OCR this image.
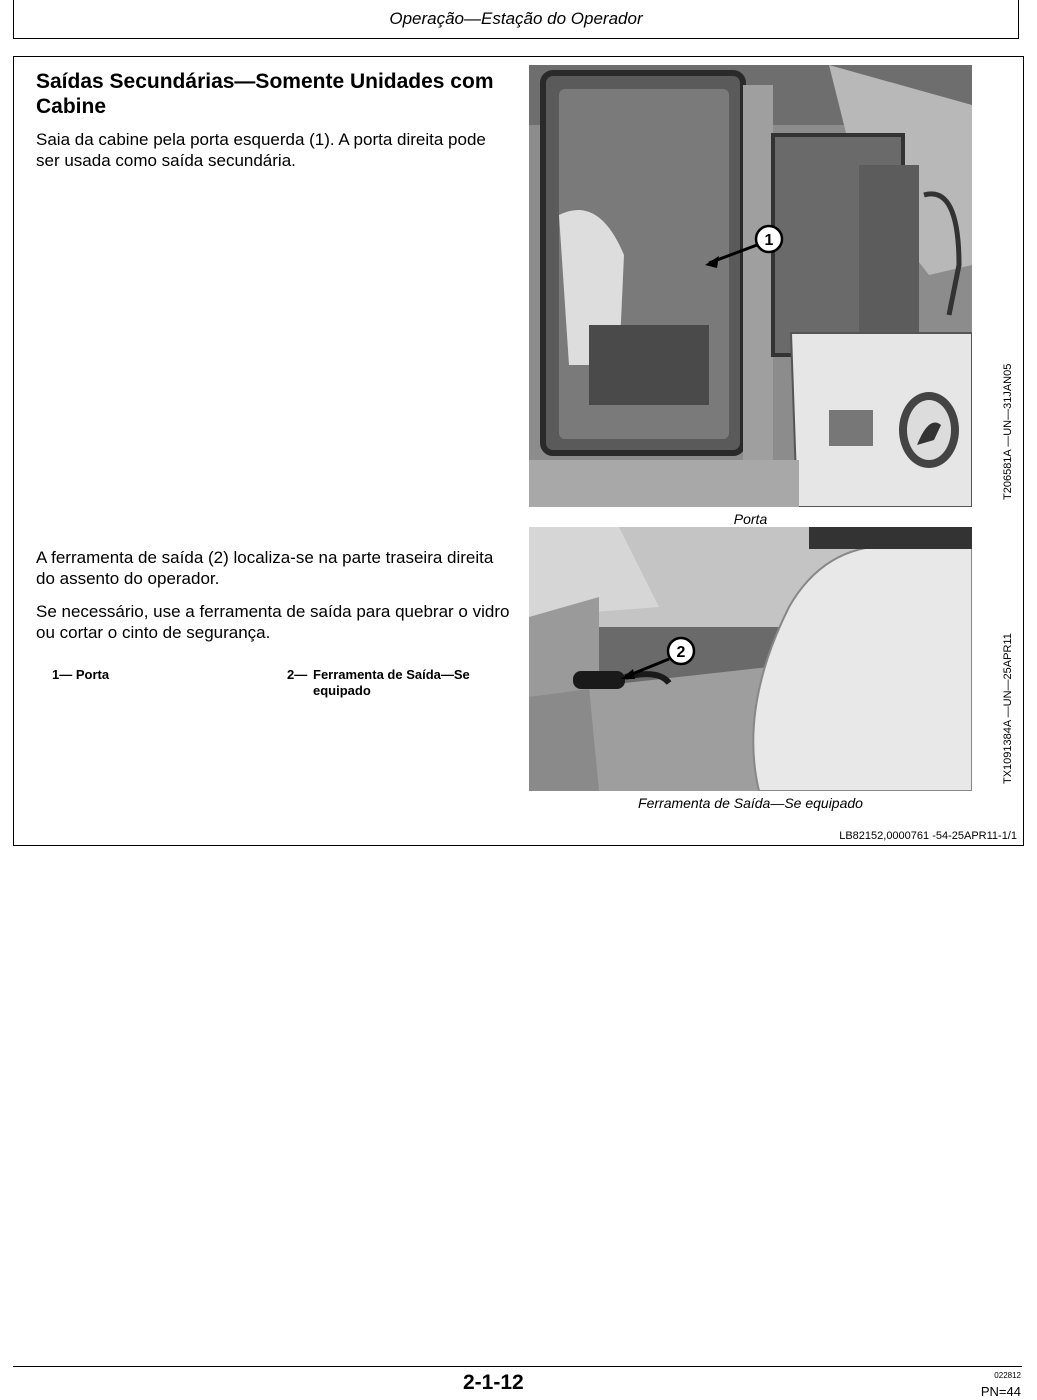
Operação—Estação do Operador
Saídas Secundárias—Somente Unidades com Cabine

Saia da cabine pela porta esquerda (1). A porta direita pode ser usada como saída secundária.

A ferramenta de saída (2) localiza-se na parte traseira direita do assento do operador.

Se necessário, use a ferramenta de saída para quebrar o vidro ou cortar o cinto de segurança.

1— Porta	2— Ferramenta de Saída—Se equipado
1
Porta
T206581A —UN—31JAN05
2
Ferramenta de Saída—Se equipado
TX1091384A —UN—25APR11
LB82152,0000761 -54-25APR11-1/1
2-1-12	022812
PN=44
